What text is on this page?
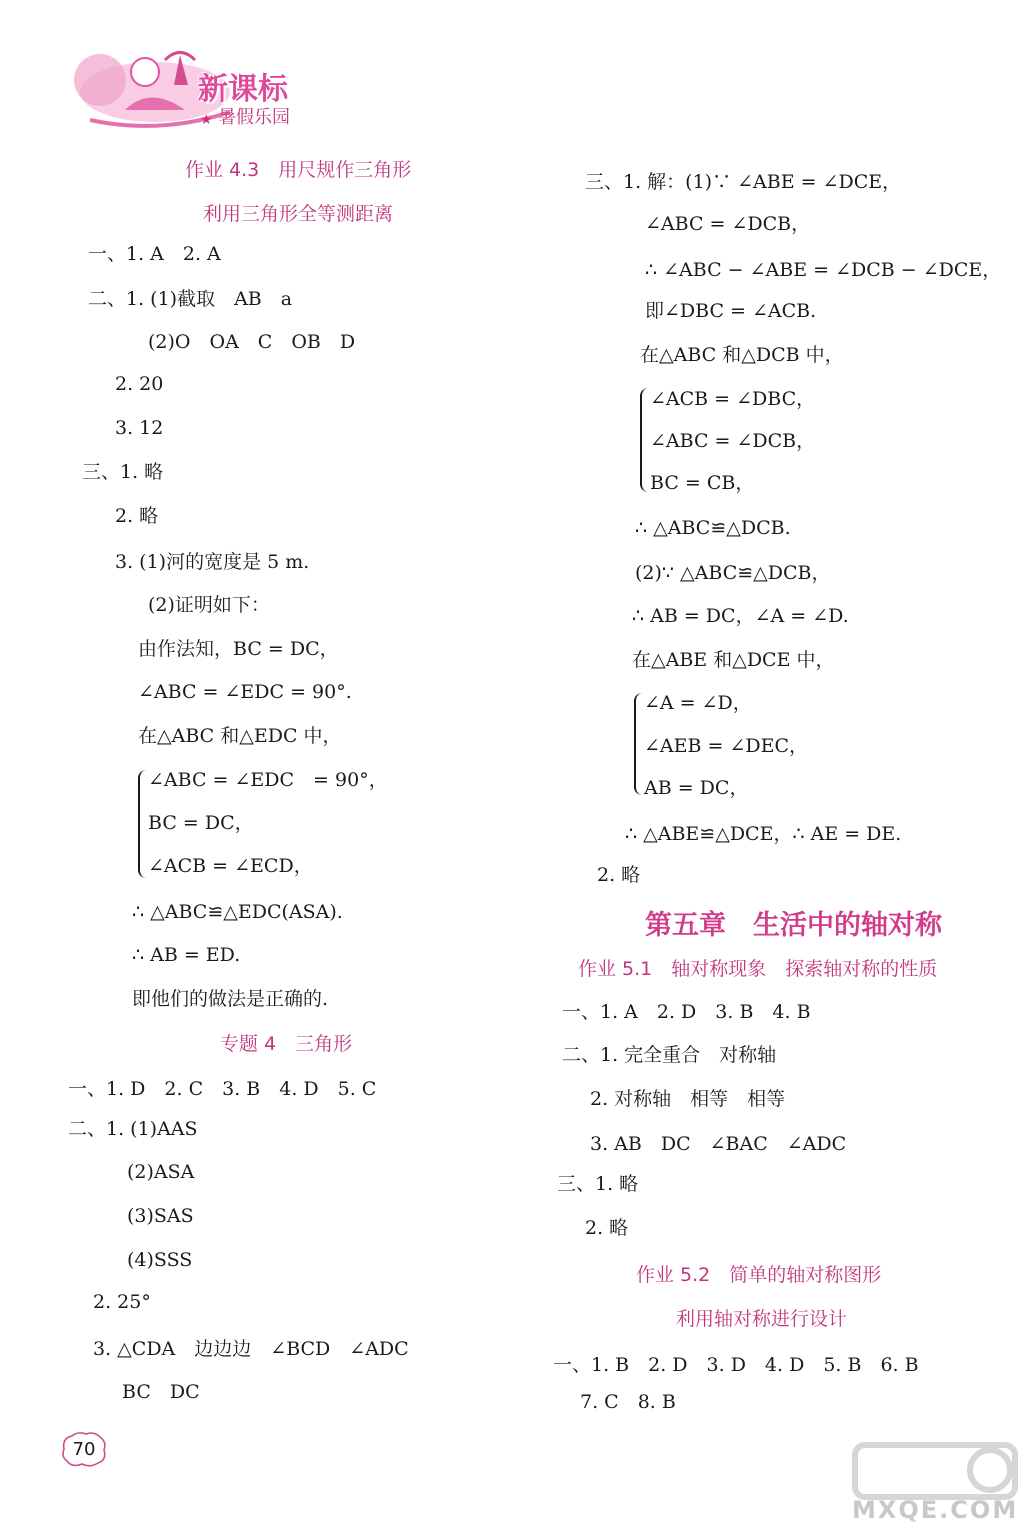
新课标
★ 暑假乐园
作业 4.3　用尺规作三角形
利用三角形全等测距离
一、1. A　2. A
二、1. (1)截取　AB　a
(2)O　OA　C　OB　D
2. 20
3. 12
三、1. 略
2. 略
3. (1)河的宽度是 5 m.
(2)证明如下：
由作法知，BC = DC，
∠ABC = ∠EDC = 90°.
在△ABC 和△EDC 中，
∠ABC = ∠EDC　= 90°，
BC = DC，
∠ACB = ∠ECD，
∴ △ABC≌△EDC(ASA).
∴ AB = ED.
即他们的做法是正确的.
专题 4　三角形
一、1. D　2. C　3. B　4. D　5. C
二、1. (1)AAS
(2)ASA
(3)SAS
(4)SSS
2. 25°
3. △CDA　边边边　∠BCD　∠ADC
BC　DC
三、1. 解：(1)∵ ∠ABE = ∠DCE，
∠ABC = ∠DCB，
∴ ∠ABC − ∠ABE = ∠DCB − ∠DCE，
即∠DBC = ∠ACB.
在△ABC 和△DCB 中，
∠ACB = ∠DBC，
∠ABC = ∠DCB，
BC = CB，
∴ △ABC≌△DCB.
(2)∵ △ABC≌△DCB，
∴ AB = DC，∠A = ∠D.
在△ABE 和△DCE 中，
∠A = ∠D，
∠AEB = ∠DEC，
AB = DC，
∴ △ABE≌△DCE，∴ AE = DE.
2. 略
第五章　生活中的轴对称
作业 5.1　轴对称现象　探索轴对称的性质
一、1. A　2. D　3. B　4. B
二、1. 完全重合　对称轴
2. 对称轴　相等　相等
3. AB　DC　∠BAC　∠ADC
三、1. 略
2. 略
作业 5.2　简单的轴对称图形
利用轴对称进行设计
一、1. B　2. D　3. D　4. D　5. B　6. B
7. C　8. B
70
MXQE.COM
